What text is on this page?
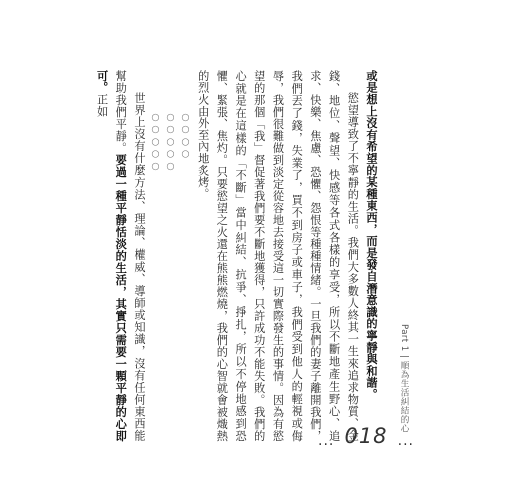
或是想上沒有希望的某種東西，而是發自潛意識的寧靜與和諧。

慾望導致了不寧靜的生活。我們大多數人終其一生來追求物質、金錢、地位、聲望、快感等各式各樣的享受，所以不斷地產生野心、追求、快樂、焦慮、恐懼、怨恨等種種情緒。一旦我們的妻子離開我們，我們丟了錢，失業了，買不到房子或車子，我們受到他人的輕視或侮辱，我們很難做到淡定從容地去接受這一切實際發生的事情。因為有慾望的那個「我」督促著我們要不斷地獲得，只許成功不能失敗。我們的心就是在這樣的「不斷」當中糾結、抗爭、掙扎，所以不停地感到恐懼、緊張、焦灼。只要慾望之火還在熊熊燃燒，我們的心智就會被熾熱的烈火由外至內地炙烤。

○○○○
○○○○○
○○○○○

世界上沒有什麼方法、理論、權威、導師或知識，沒有任何東西能幫助我們平靜。要過一種平靜恬淡的生活，其實只需要一顆平靜的心即可。正如

Part 1 | 順為生活糾結的心
... 018 ...
